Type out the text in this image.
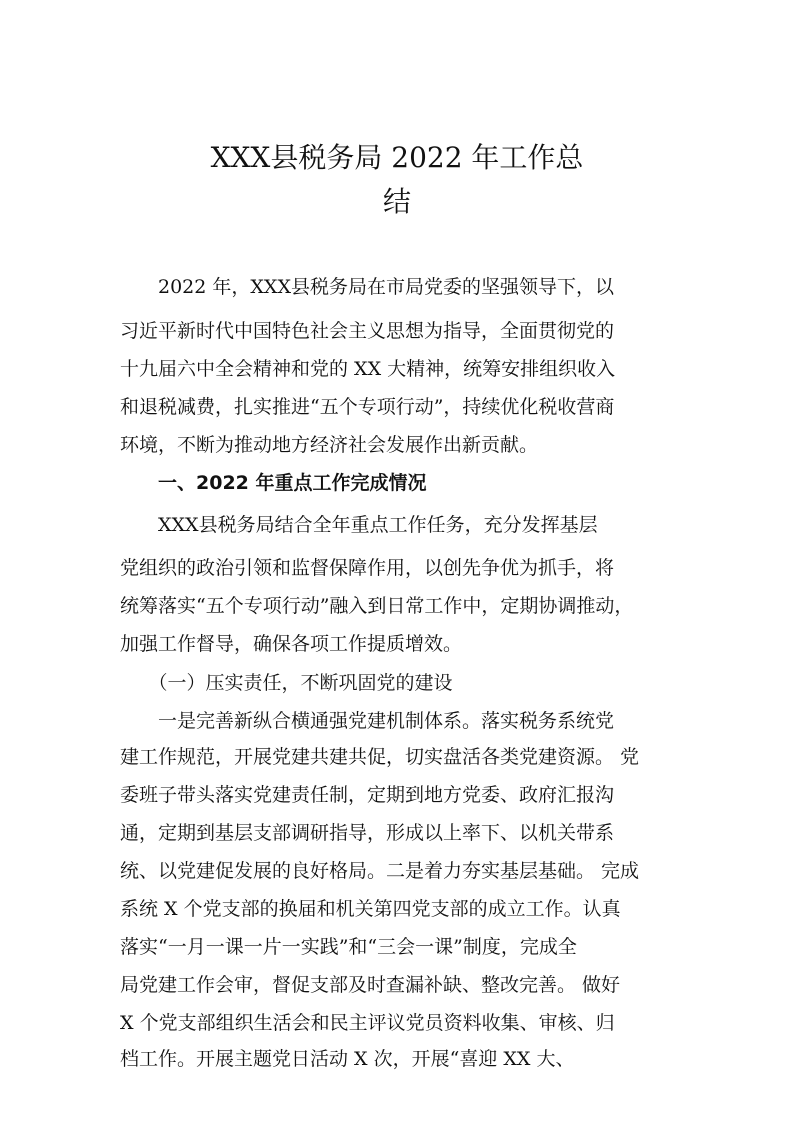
XXX县税务局 2022 年工作总
结

　　2022 年，XXX县税务局在市局党委的坚强领导下，以

习近平新时代中国特色社会主义思想为指导，全面贯彻党的

十九届六中全会精神和党的 XX 大精神，统筹安排组织收入

和退税减费，扎实推进“五个专项行动”，持续优化税收营商

环境，不断为推动地方经济社会发展作出新贡献。

　　一、2022 年重点工作完成情况

　　XXX县税务局结合全年重点工作任务，充分发挥基层

党组织的政治引领和监督保障作用，以创先争优为抓手，将

统筹落实“五个专项行动”融入到日常工作中，定期协调推动，

加强工作督导，确保各项工作提质增效。

　　（一）压实责任，不断巩固党的建设

　　一是完善新纵合横通强党建机制体系。落实税务系统党

建工作规范，开展党建共建共促，切实盘活各类党建资源。 党

委班子带头落实党建责任制，定期到地方党委、政府汇报沟

通，定期到基层支部调研指导，形成以上率下、以机关带系

统、以党建促发展的良好格局。二是着力夯实基层基础。 完成

系统 X 个党支部的换届和机关第四党支部的成立工作。认真

落实“一月一课一片一实践”和“三会一课”制度，完成全

局党建工作会审，督促支部及时查漏补缺、整改完善。 做好

X 个党支部组织生活会和民主评议党员资料收集、审核、归

档工作。开展主题党日活动 X 次，开展“喜迎 XX 大、
